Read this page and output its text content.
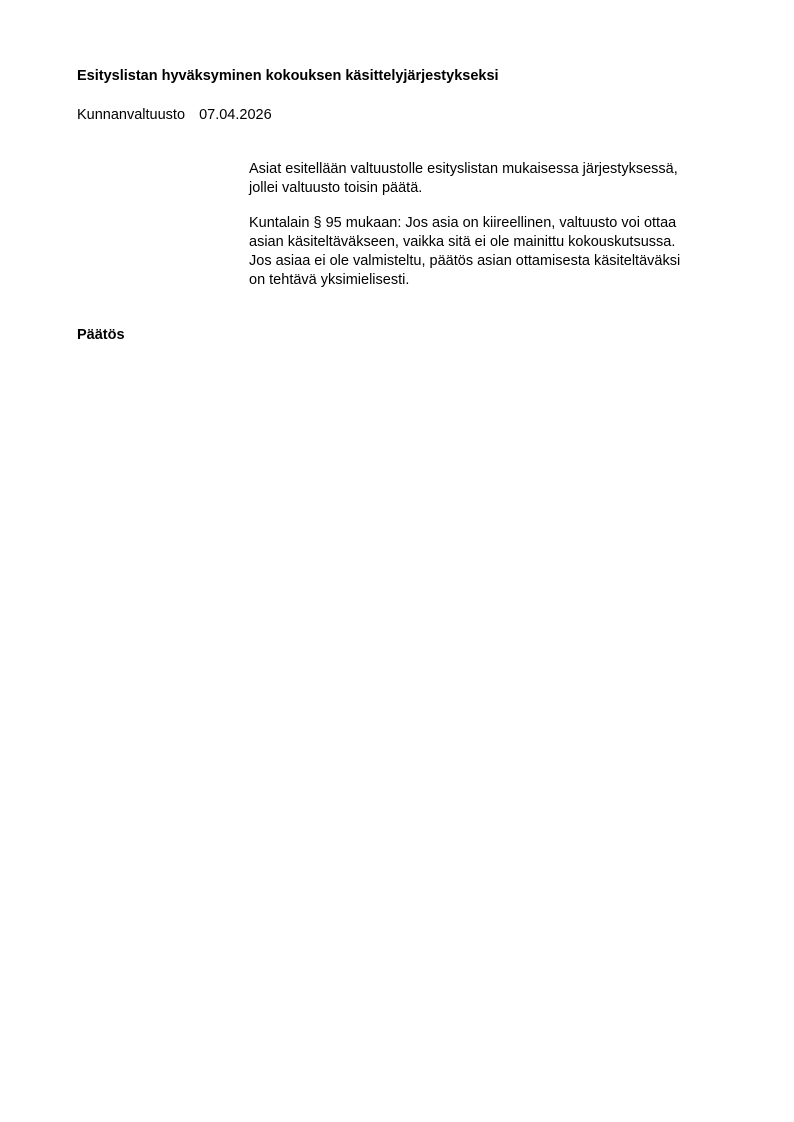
Esityslistan hyväksyminen kokouksen käsittelyjärjestykseksi
Kunnanvaltuusto 07.04.2026

Asiat esitellään valtuustolle esityslistan mukaisessa järjestyksessä,
jollei valtuusto toisin päätä.

Kuntalain § 95 mukaan: Jos asia on kiireellinen, valtuusto voi ottaa
asian käsiteltäväkseen, vaikka sitä ei ole mainittu kokouskutsussa.
Jos asiaa ei ole valmisteltu, päätös asian ottamisesta käsiteltäväksi
on tehtävä yksimielisesti.

Päätös
